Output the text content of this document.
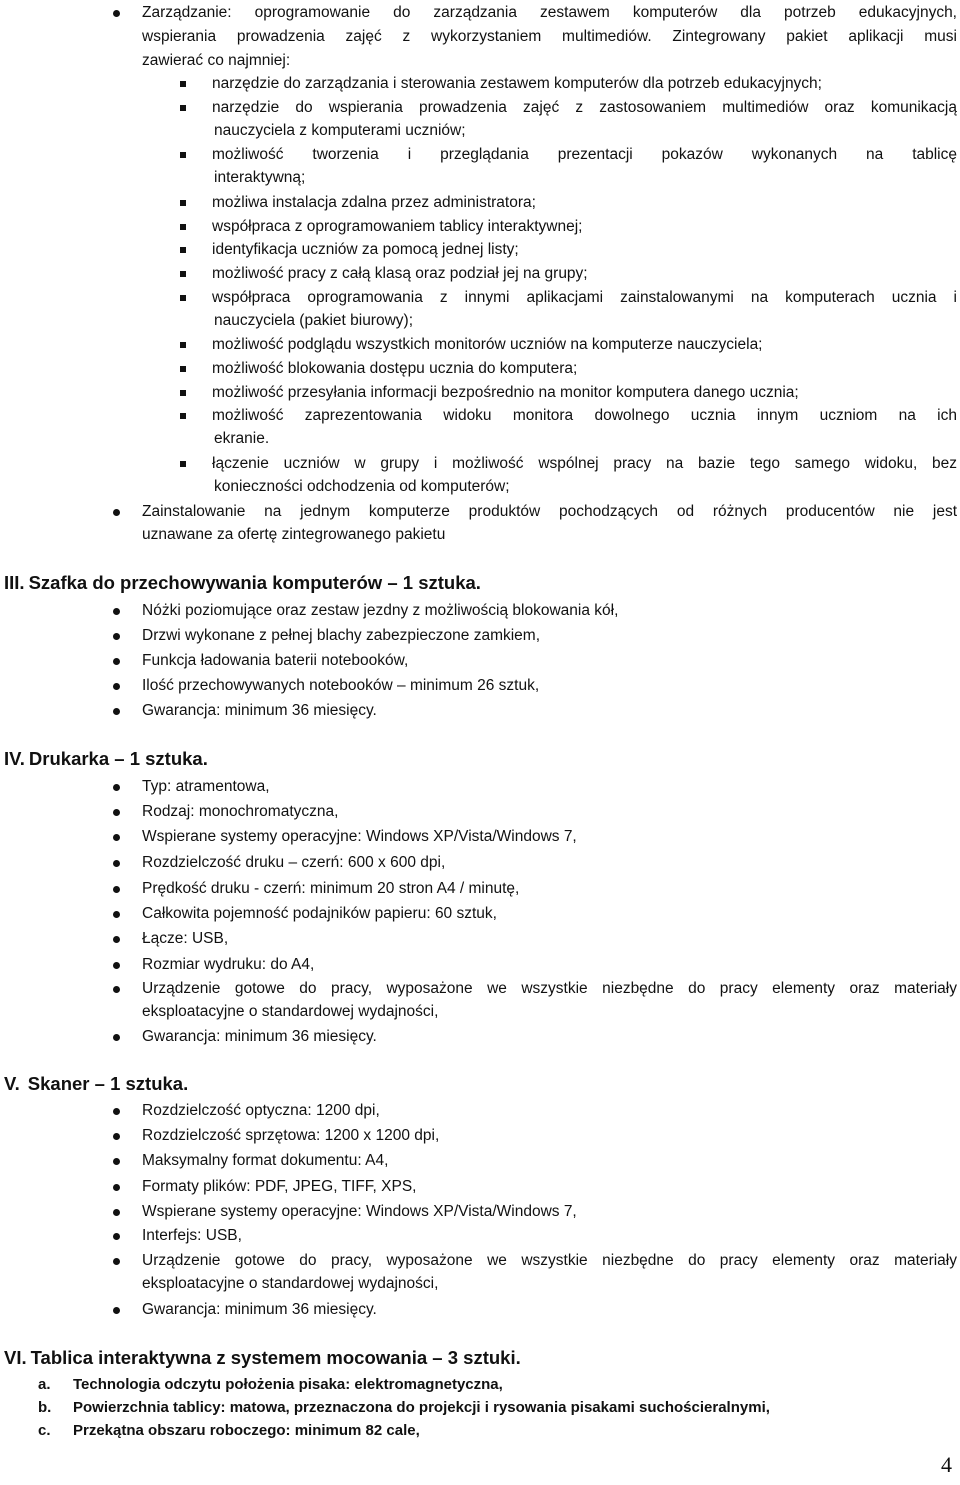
Zarządzanie: oprogramowanie do zarządzania zestawem komputerów dla potrzeb edukacyjnych,
wspierania prowadzenia zajęć z wykorzystaniem multimediów. Zintegrowany pakiet aplikacji musi
zawierać co najmniej:
narzędzie do zarządzania i sterowania zestawem komputerów dla potrzeb edukacyjnych;
narzędzie do wspierania prowadzenia zajęć z zastosowaniem multimediów oraz komunikacją
nauczyciela z komputerami uczniów;
możliwość tworzenia i przeglądania prezentacji pokazów wykonanych na tablicę
interaktywną;
możliwa instalacja zdalna przez administratora;
współpraca z oprogramowaniem tablicy interaktywnej;
identyfikacja uczniów za pomocą jednej listy;
możliwość pracy z całą klasą oraz podział jej na grupy;
współpraca oprogramowania z innymi aplikacjami zainstalowanymi na komputerach ucznia i
nauczyciela (pakiet biurowy);
możliwość podglądu wszystkich monitorów uczniów na komputerze nauczyciela;
możliwość blokowania dostępu ucznia do komputera;
możliwość przesyłania informacji bezpośrednio na monitor komputera danego ucznia;
możliwość zaprezentowania widoku monitora dowolnego ucznia innym uczniom na ich
ekranie.
łączenie uczniów w grupy i możliwość wspólnej pracy na bazie tego samego widoku, bez
konieczności odchodzenia od komputerów;
Zainstalowanie na jednym komputerze produktów pochodzących od różnych producentów nie jest
uznawane za ofertę zintegrowanego pakietu
III. Szafka do przechowywania komputerów – 1 sztuka.
Nóżki poziomujące oraz zestaw jezdny z możliwością blokowania kół,
Drzwi wykonane z pełnej blachy zabezpieczone zamkiem,
Funkcja ładowania baterii notebooków,
Ilość przechowywanych notebooków – minimum 26 sztuk,
Gwarancja: minimum 36 miesięcy.
IV. Drukarka – 1 sztuka.
Typ: atramentowa,
Rodzaj: monochromatyczna,
Wspierane systemy operacyjne: Windows XP/Vista/Windows 7,
Rozdzielczość druku – czerń: 600 x 600 dpi,
Prędkość druku - czerń: minimum 20 stron A4 / minutę,
Całkowita pojemność podajników papieru: 60 sztuk,
Łącze: USB,
Rozmiar wydruku: do A4,
Urządzenie gotowe do pracy, wyposażone we wszystkie niezbędne do pracy elementy oraz materiały
eksploatacyjne o standardowej wydajności,
Gwarancja: minimum 36 miesięcy.
V. Skaner – 1 sztuka.
Rozdzielczość optyczna: 1200 dpi,
Rozdzielczość sprzętowa: 1200 x 1200 dpi,
Maksymalny format dokumentu: A4,
Formaty plików: PDF, JPEG, TIFF, XPS,
Wspierane systemy operacyjne: Windows XP/Vista/Windows 7,
Interfejs: USB,
Urządzenie gotowe do pracy, wyposażone we wszystkie niezbędne do pracy elementy oraz materiały
eksploatacyjne o standardowej wydajności,
Gwarancja: minimum 36 miesięcy.
VI. Tablica interaktywna z systemem mocowania – 3 sztuki.
a. Technologia odczytu położenia pisaka: elektromagnetyczna,
b. Powierzchnia tablicy: matowa, przeznaczona do projekcji i rysowania pisakami suchościeralnymi,
c. Przekątna obszaru roboczego: minimum 82 cale,
4
